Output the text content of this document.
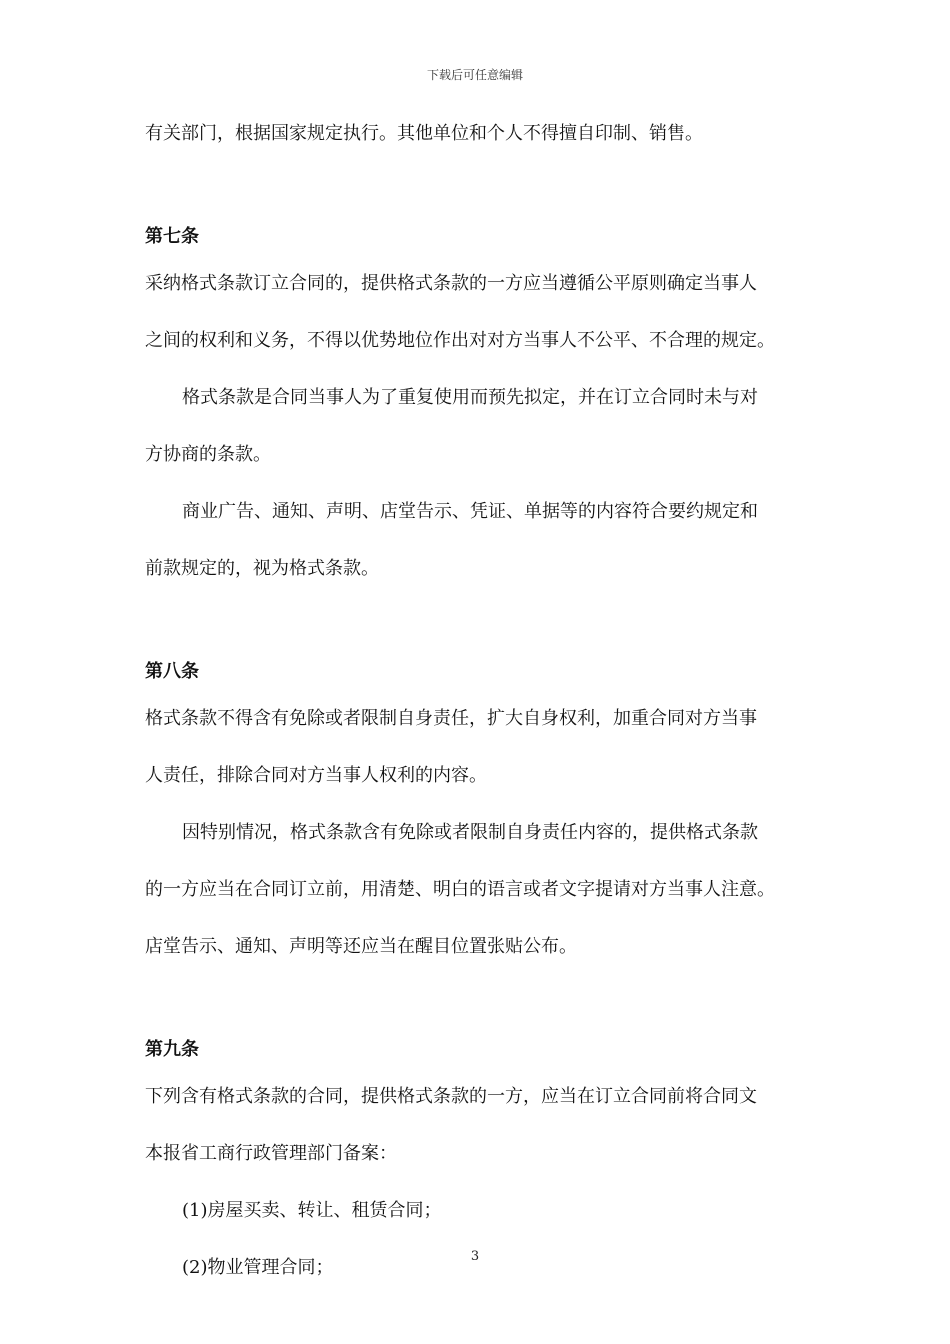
下载后可任意编辑
有关部门，根据国家规定执行。其他单位和个人不得擅自印制、销售。
第七条
采纳格式条款订立合同的，提供格式条款的一方应当遵循公平原则确定当事人
之间的权利和义务，不得以优势地位作出对对方当事人不公平、不合理的规定。
格式条款是合同当事人为了重复使用而预先拟定，并在订立合同时未与对
方协商的条款。
商业广告、通知、声明、店堂告示、凭证、单据等的内容符合要约规定和
前款规定的，视为格式条款。
第八条
格式条款不得含有免除或者限制自身责任，扩大自身权利，加重合同对方当事
人责任，排除合同对方当事人权利的内容。
因特别情况，格式条款含有免除或者限制自身责任内容的，提供格式条款
的一方应当在合同订立前，用清楚、明白的语言或者文字提请对方当事人注意。
店堂告示、通知、声明等还应当在醒目位置张贴公布。
第九条
下列含有格式条款的合同，提供格式条款的一方，应当在订立合同前将合同文
本报省工商行政管理部门备案：
(1)房屋买卖、转让、租赁合同；
(2)物业管理合同；
3
